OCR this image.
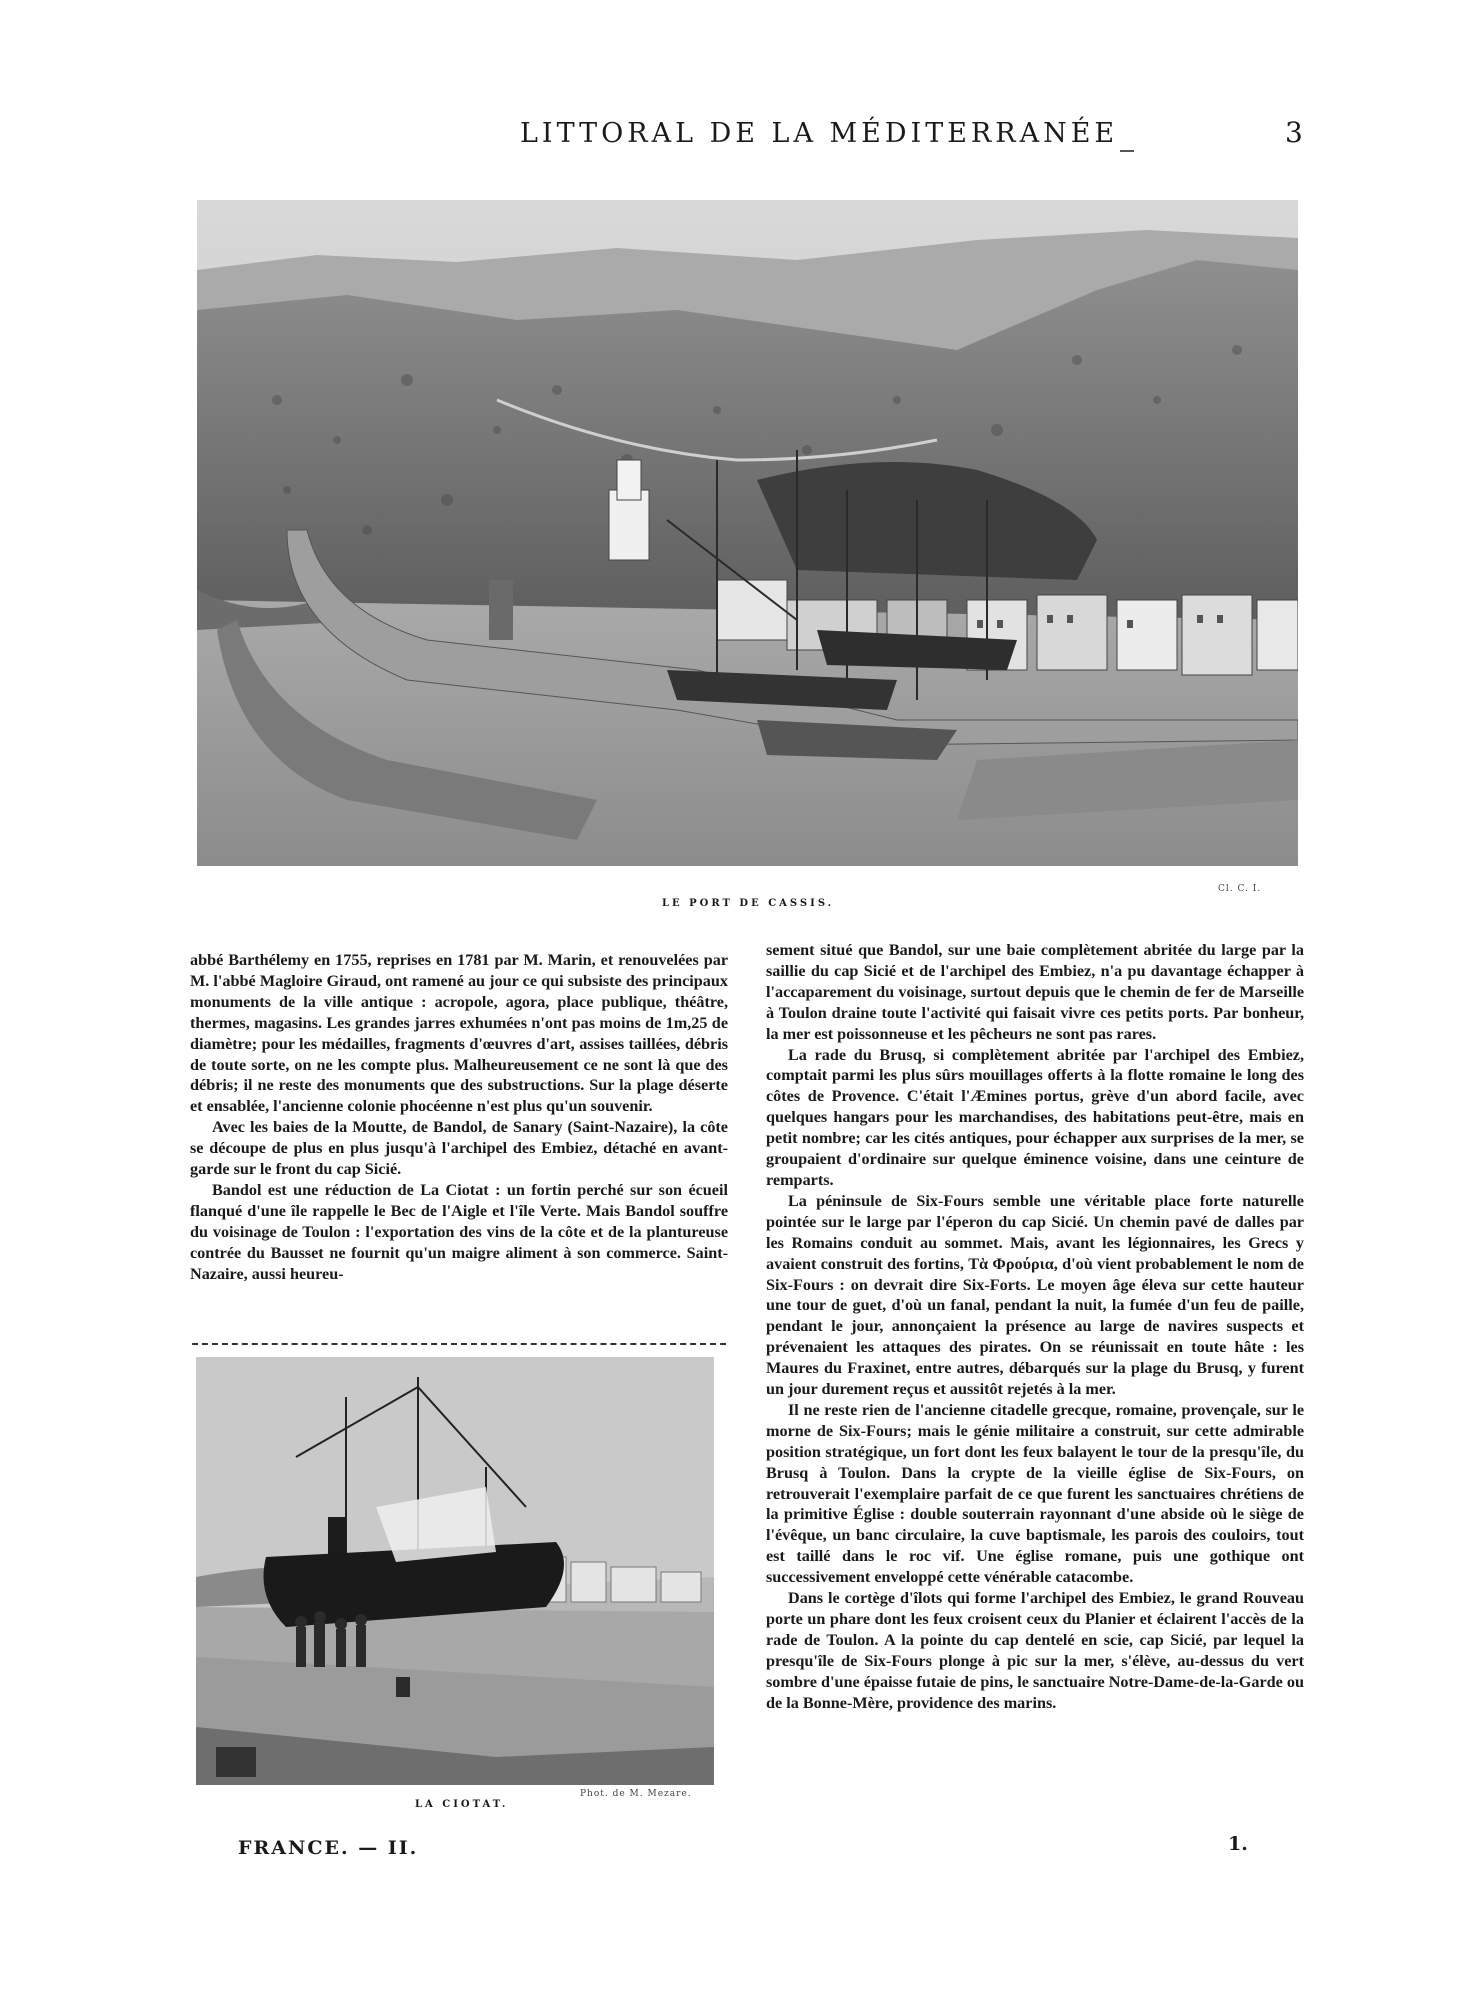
LITTORAL DE LA MÉDITERRANÉE	3
LE PORT DE CASSIS.
Cl. C. I.

abbé Barthélemy en 1755, reprises en 1781 par M. Marin, et renouvelées par M. l'abbé Magloire Giraud, ont ramené au jour ce qui subsiste des principaux monuments de la ville antique : acropole, agora, place publique, théâtre, thermes, magasins. Les grandes jarres exhumées n'ont pas moins de 1m,25 de diamètre; pour les médailles, fragments d'œuvres d'art, assises taillées, débris de toute sorte, on ne les compte plus. Malheureusement ce ne sont là que des débris; il ne reste des monuments que des substructions. Sur la plage déserte et ensablée, l'ancienne colonie phocéenne n'est plus qu'un souvenir.

Avec les baies de la Moutte, de Bandol, de Sanary (Saint-Nazaire), la côte se découpe de plus en plus jusqu'à l'archipel des Embiez, détaché en avant-garde sur le front du cap Sicié.

Bandol est une réduction de La Ciotat : un fortin perché sur son écueil flanqué d'une île rappelle le Bec de l'Aigle et l'île Verte. Mais Bandol souffre du voisinage de Toulon : l'exportation des vins de la côte et de la plantureuse contrée du Bausset ne fournit qu'un maigre aliment à son commerce. Saint-Nazaire, aussi heureu-

Phot. de M. Mezare.
LA CIOTAT.

sement situé que Bandol, sur une baie complètement abritée du large par la saillie du cap Sicié et de l'archipel des Embiez, n'a pu davantage échapper à l'accaparement du voisinage, surtout depuis que le chemin de fer de Marseille à Toulon draine toute l'activité qui faisait vivre ces petits ports. Par bonheur, la mer est poissonneuse et les pêcheurs ne sont pas rares.

La rade du Brusq, si complètement abritée par l'archipel des Embiez, comptait parmi les plus sûrs mouillages offerts à la flotte romaine le long des côtes de Provence. C'était l'Æmines portus, grève d'un abord facile, avec quelques hangars pour les marchandises, des habitations peut-être, mais en petit nombre; car les cités antiques, pour échapper aux surprises de la mer, se groupaient d'ordinaire sur quelque éminence voisine, dans une ceinture de remparts.

La péninsule de Six-Fours semble une véritable place forte naturelle pointée sur le large par l'éperon du cap Sicié. Un chemin pavé de dalles par les Romains conduit au sommet. Mais, avant les légionnaires, les Grecs y avaient construit des fortins, Τὰ Φρούρια, d'où vient probablement le nom de Six-Fours : on devrait dire Six-Forts. Le moyen âge éleva sur cette hauteur une tour de guet, d'où un fanal, pendant la nuit, la fumée d'un feu de paille, pendant le jour, annonçaient la présence au large de navires suspects et prévenaient les attaques des pirates. On se réunissait en toute hâte : les Maures du Fraxinet, entre autres, débarqués sur la plage du Brusq, y furent un jour durement reçus et aussitôt rejetés à la mer.

Il ne reste rien de l'ancienne citadelle grecque, romaine, provençale, sur le morne de Six-Fours; mais le génie militaire a construit, sur cette admirable position stratégique, un fort dont les feux balayent le tour de la presqu'île, du Brusq à Toulon. Dans la crypte de la vieille église de Six-Fours, on retrouverait l'exemplaire parfait de ce que furent les sanctuaires chrétiens de la primitive Église : double souterrain rayonnant d'une abside où le siège de l'évêque, un banc circulaire, la cuve baptismale, les parois des couloirs, tout est taillé dans le roc vif. Une église romane, puis une gothique ont successivement enveloppé cette vénérable catacombe.

Dans le cortège d'îlots qui forme l'archipel des Embiez, le grand Rouveau porte un phare dont les feux croisent ceux du Planier et éclairent l'accès de la rade de Toulon. A la pointe du cap dentelé en scie, cap Sicié, par lequel la presqu'île de Six-Fours plonge à pic sur la mer, s'élève, au-dessus du vert sombre d'une épaisse futaie de pins, le sanctuaire Notre-Dame-de-la-Garde ou de la Bonne-Mère, providence des marins.

FRANCE. — II.	1.
